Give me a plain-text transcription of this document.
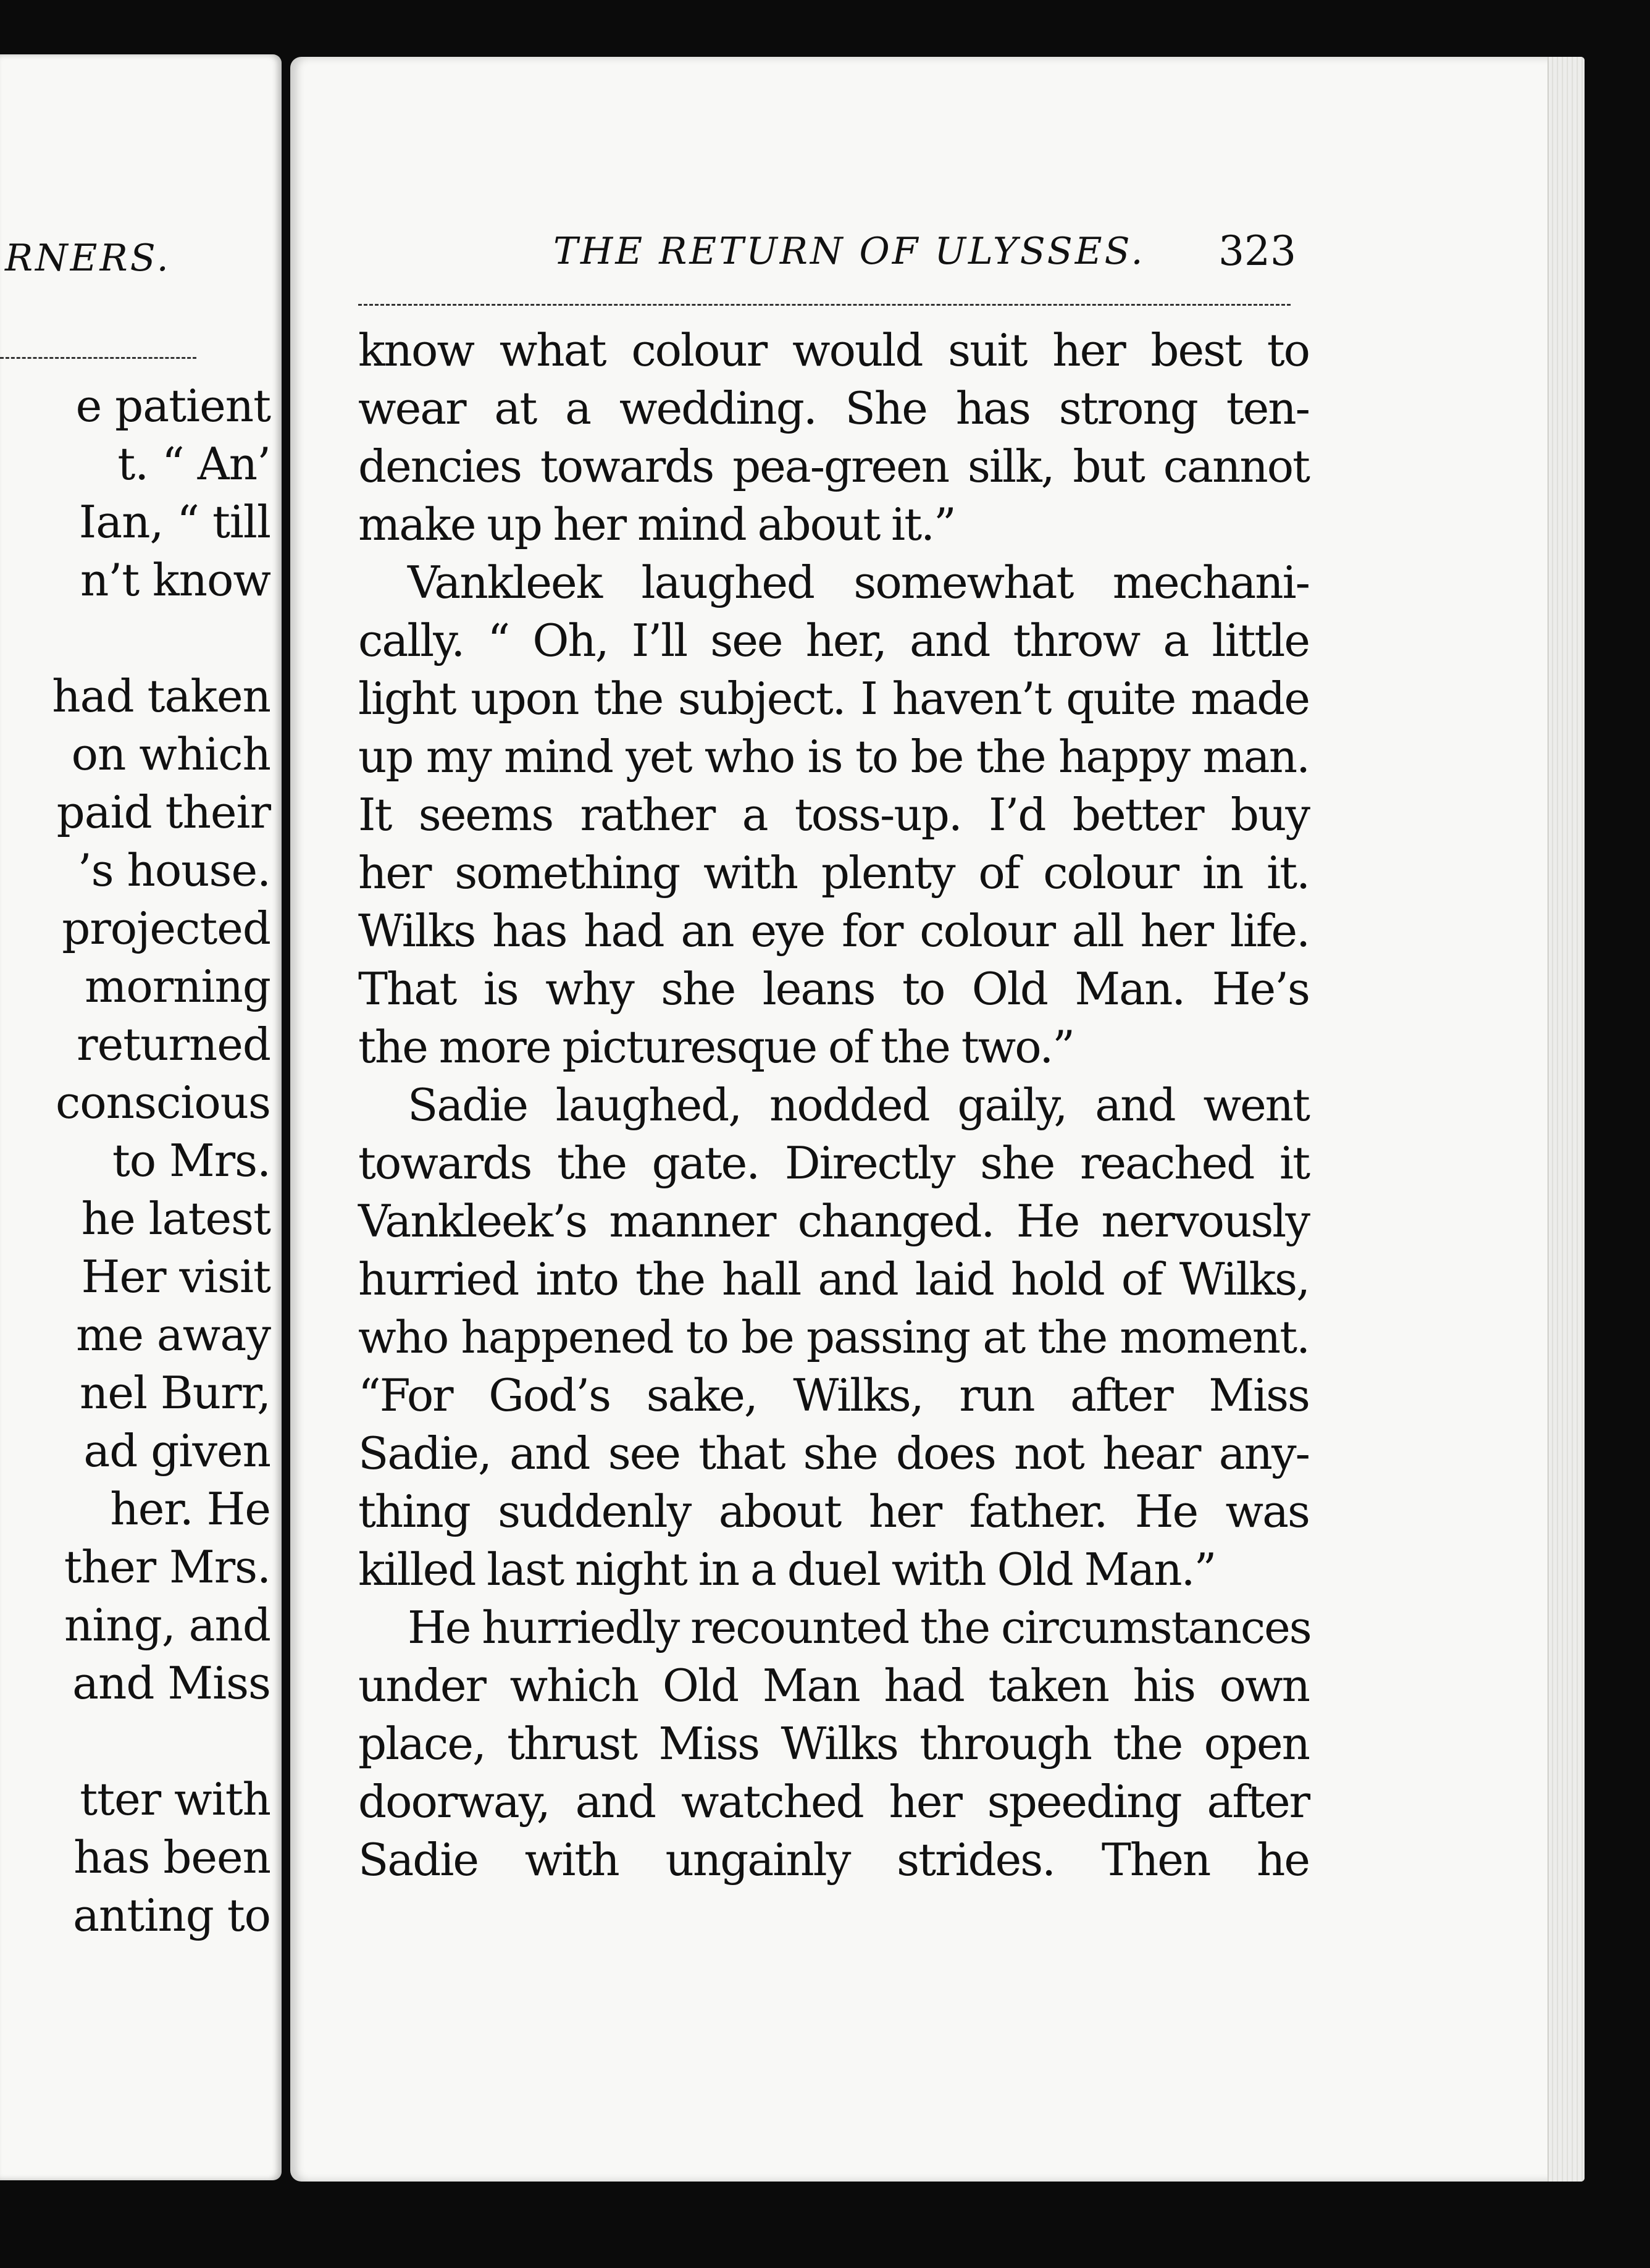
RNERS.
e patient
t. “ An’
Ian, “ till
n’t know
had taken
on which
paid their
’s house.
projected
morning
returned
conscious
to Mrs.
he latest
Her visit
me away
nel Burr,
ad given
her. He
ther Mrs.
ning, and
and Miss
tter with
has been
anting to
THE RETURN OF ULYSSES. 323
know what colour would suit her best to
wear at a wedding. She has strong ten-
dencies towards pea-green silk, but cannot
make up her mind about it.”
Vankleek laughed somewhat mechani-
cally. “ Oh, I’ll see her, and throw a little
light upon the subject. I haven’t quite made
up my mind yet who is to be the happy man.
It seems rather a toss-up. I’d better buy
her something with plenty of colour in it.
Wilks has had an eye for colour all her life.
That is why she leans to Old Man. He’s
the more picturesque of the two.”
Sadie laughed, nodded gaily, and went
towards the gate. Directly she reached it
Vankleek’s manner changed. He nervously
hurried into the hall and laid hold of Wilks,
who happened to be passing at the moment.
“For God’s sake, Wilks, run after Miss
Sadie, and see that she does not hear any-
thing suddenly about her father. He was
killed last night in a duel with Old Man.”
He hurriedly recounted the circumstances
under which Old Man had taken his own
place, thrust Miss Wilks through the open
doorway, and watched her speeding after
Sadie with ungainly strides. Then he
